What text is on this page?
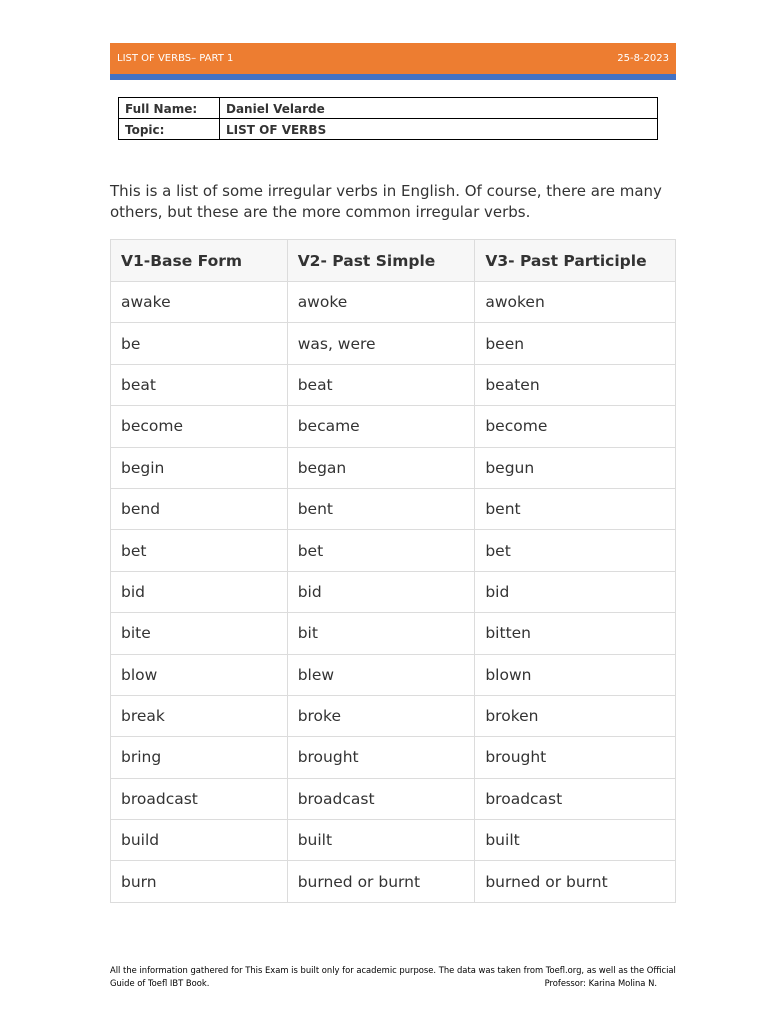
LIST OF VERBS– PART 1	25-8-2023
Full Name:	Daniel Velarde
Topic:	LIST OF VERBS

This is a list of some irregular verbs in English. Of course, there are many others, but these are the more common irregular verbs.

V1-Base Form	V2- Past Simple	V3- Past Participle
awake	awoke	awoken
be	was, were	been
beat	beat	beaten
become	became	become
begin	began	begun
bend	bent	bent
bet	bet	bet
bid	bid	bid
bite	bit	bitten
blow	blew	blown
break	broke	broken
bring	brought	brought
broadcast	broadcast	broadcast
build	built	built
burn	burned or burnt	burned or burnt
All the information gathered for This Exam is built only for academic purpose. The data was taken from Toefl.org, as well as the Official Guide of Toefl IBT Book.	Professor: Karina Molina N.
